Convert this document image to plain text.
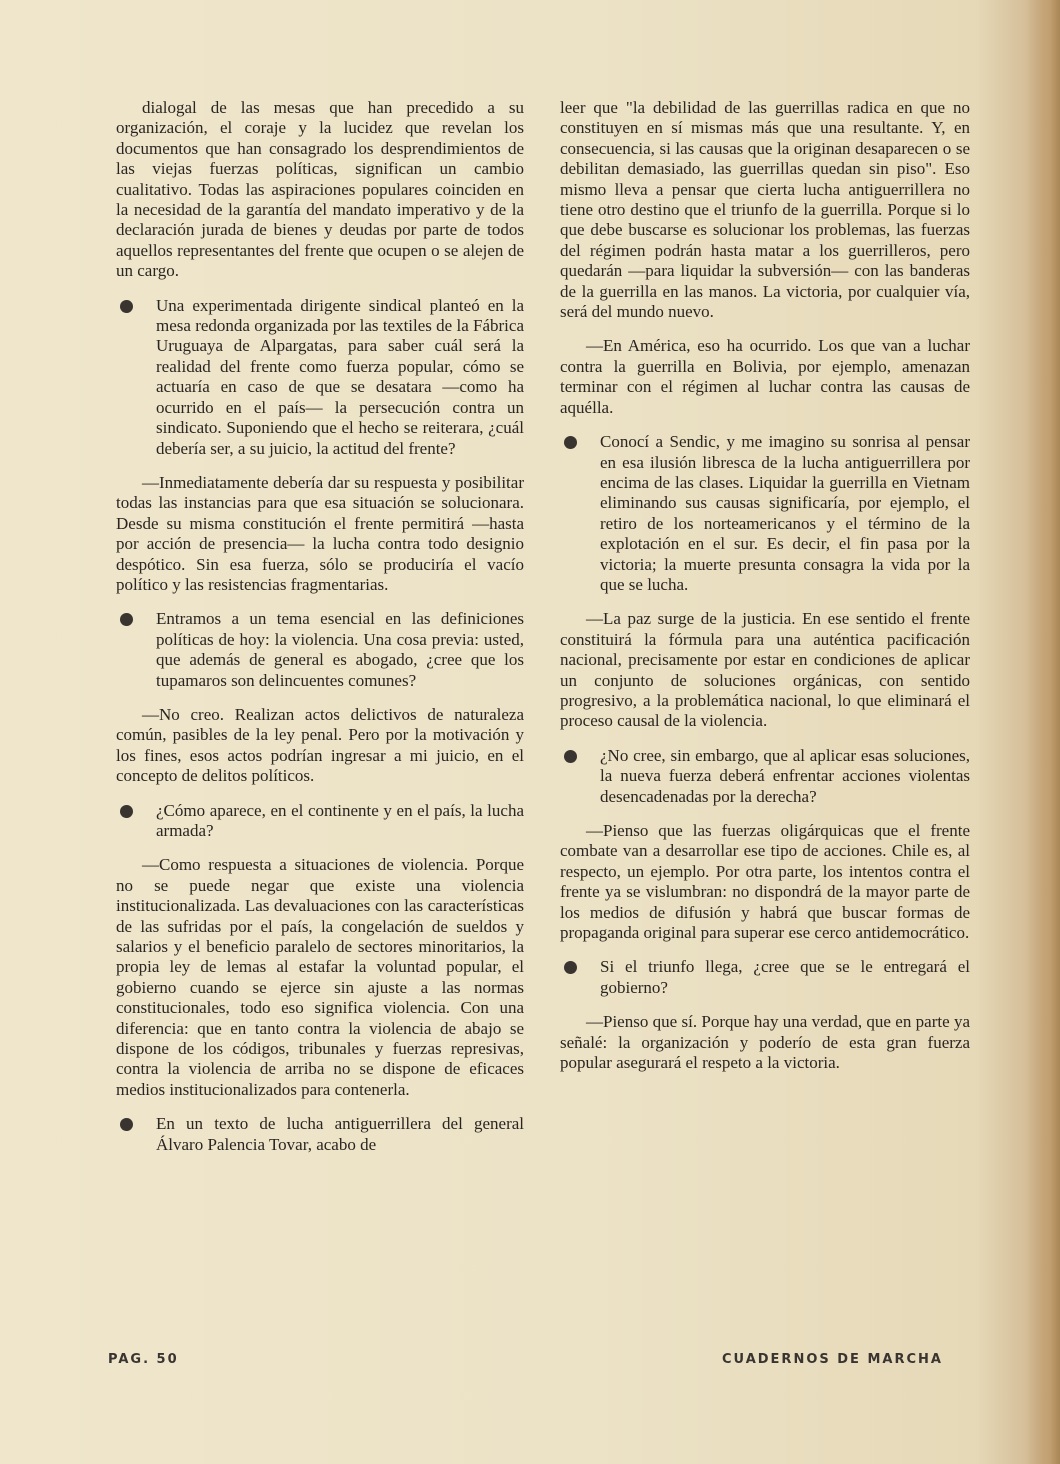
dialogal de las mesas que han precedido a su organización, el coraje y la lucidez que revelan los documentos que han consagrado los desprendimientos de las viejas fuerzas políticas, significan un cambio cualitativo. Todas las aspiraciones populares coinciden en la necesidad de la garantía del mandato imperativo y de la declaración jurada de bienes y deudas por parte de todos aquellos representantes del frente que ocupen o se alejen de un cargo.

Una experimentada dirigente sindical planteó en la mesa redonda organizada por las textiles de la Fábrica Uruguaya de Alpargatas, para saber cuál será la realidad del frente como fuerza popular, cómo se actuaría en caso de que se desatara —como ha ocurrido en el país— la persecución contra un sindicato. Suponiendo que el hecho se reiterara, ¿cuál debería ser, a su juicio, la actitud del frente?

—Inmediatamente debería dar su respuesta y posibilitar todas las instancias para que esa situación se solucionara. Desde su misma constitución el frente permitirá —hasta por acción de presencia— la lucha contra todo designio despótico. Sin esa fuerza, sólo se produciría el vacío político y las resistencias fragmentarias.

Entramos a un tema esencial en las definiciones políticas de hoy: la violencia. Una cosa previa: usted, que además de general es abogado, ¿cree que los tupamaros son delincuentes comunes?

—No creo. Realizan actos delictivos de naturaleza común, pasibles de la ley penal. Pero por la motivación y los fines, esos actos podrían ingresar a mi juicio, en el concepto de delitos políticos.

¿Cómo aparece, en el continente y en el país, la lucha armada?

—Como respuesta a situaciones de violencia. Porque no se puede negar que existe una violencia institucionalizada. Las devaluaciones con las características de las sufridas por el país, la congelación de sueldos y salarios y el beneficio paralelo de sectores minoritarios, la propia ley de lemas al estafar la voluntad popular, el gobierno cuando se ejerce sin ajuste a las normas constitucionales, todo eso significa violencia. Con una diferencia: que en tanto contra la violencia de abajo se dispone de los códigos, tribunales y fuerzas represivas, contra la violencia de arriba no se dispone de eficaces medios institucionalizados para contenerla.

En un texto de lucha antiguerrillera del general Álvaro Palencia Tovar, acabo de

leer que "la debilidad de las guerrillas radica en que no constituyen en sí mismas más que una resultante. Y, en consecuencia, si las causas que la originan desaparecen o se debilitan demasiado, las guerrillas quedan sin piso". Eso mismo lleva a pensar que cierta lucha antiguerrillera no tiene otro destino que el triunfo de la guerrilla. Porque si lo que debe buscarse es solucionar los problemas, las fuerzas del régimen podrán hasta matar a los guerrilleros, pero quedarán —para liquidar la subversión— con las banderas de la guerrilla en las manos. La victoria, por cualquier vía, será del mundo nuevo.

—En América, eso ha ocurrido. Los que van a luchar contra la guerrilla en Bolivia, por ejemplo, amenazan terminar con el régimen al luchar contra las causas de aquélla.

Conocí a Sendic, y me imagino su sonrisa al pensar en esa ilusión libresca de la lucha antiguerrillera por encima de las clases. Liquidar la guerrilla en Vietnam eliminando sus causas significaría, por ejemplo, el retiro de los norteamericanos y el término de la explotación en el sur. Es decir, el fin pasa por la victoria; la muerte presunta consagra la vida por la que se lucha.

—La paz surge de la justicia. En ese sentido el frente constituirá la fórmula para una auténtica pacificación nacional, precisamente por estar en condiciones de aplicar un conjunto de soluciones orgánicas, con sentido progresivo, a la problemática nacional, lo que eliminará el proceso causal de la violencia.

¿No cree, sin embargo, que al aplicar esas soluciones, la nueva fuerza deberá enfrentar acciones violentas desencadenadas por la derecha?

—Pienso que las fuerzas oligárquicas que el frente combate van a desarrollar ese tipo de acciones. Chile es, al respecto, un ejemplo. Por otra parte, los intentos contra el frente ya se vislumbran: no dispondrá de la mayor parte de los medios de difusión y habrá que buscar formas de propaganda original para superar ese cerco antidemocrático.

Si el triunfo llega, ¿cree que se le entregará el gobierno?

—Pienso que sí. Porque hay una verdad, que en parte ya señalé: la organización y poderío de esta gran fuerza popular asegurará el respeto a la victoria.

PAG. 50	CUADERNOS DE MARCHA
